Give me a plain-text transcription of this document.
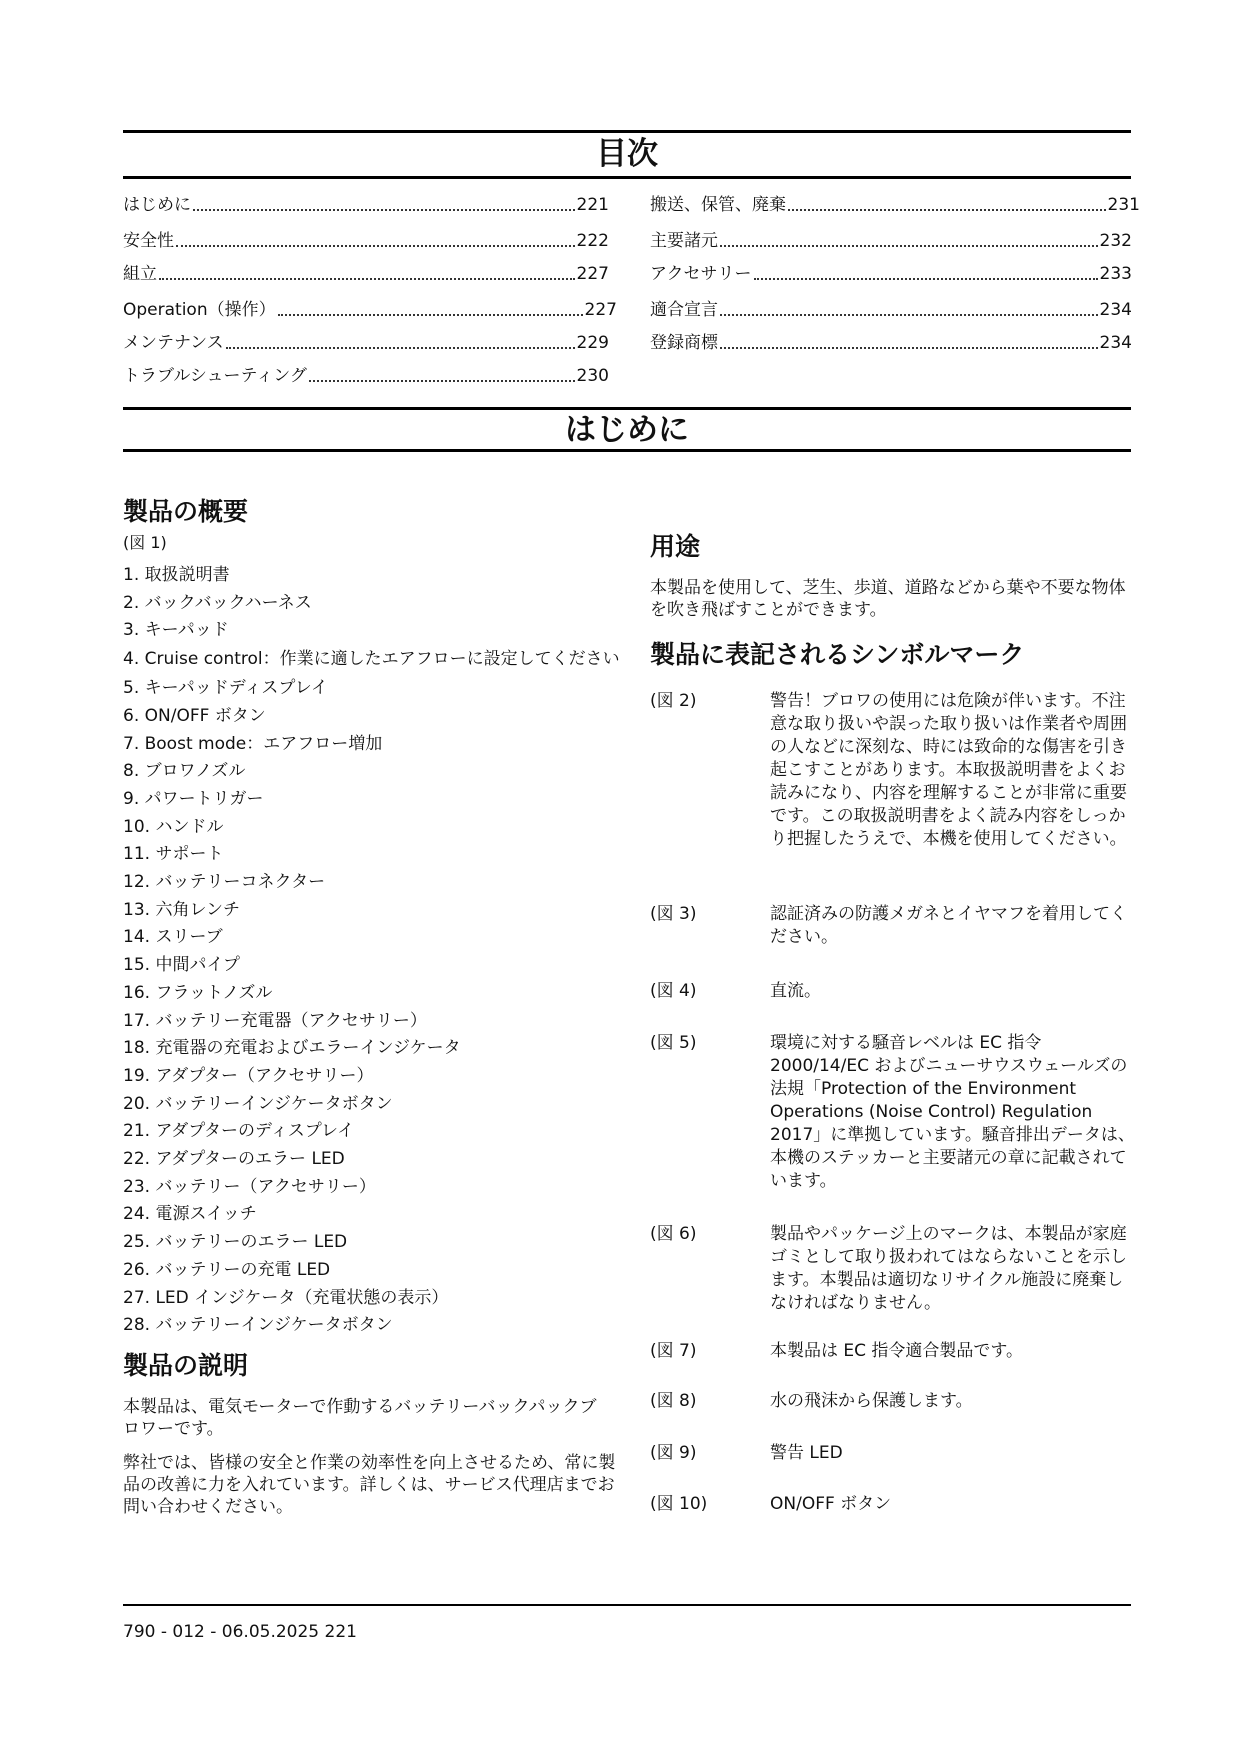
目次
はじめに	221
安全性	222
組立	227
Operation（操作）	227
メンテナンス	229
トラブルシューティング	230
搬送、保管、廃棄	231
主要諸元	232
アクセサリー	233
適合宣言	234
登録商標	234
はじめに
製品の概要
(図 1)
1. 取扱説明書
2. バックバックハーネス
3. キーパッド
4. Cruise control：作業に適したエアフローに設定してください
5. キーパッドディスプレイ
6. ON/OFF ボタン
7. Boost mode：エアフロー増加
8. ブロワノズル
9. パワートリガー
10. ハンドル
11. サポート
12. バッテリーコネクター
13. 六角レンチ
14. スリーブ
15. 中間パイプ
16. フラットノズル
17. バッテリー充電器（アクセサリー）
18. 充電器の充電およびエラーインジケータ
19. アダプター（アクセサリー）
20. バッテリーインジケータボタン
21. アダプターのディスプレイ
22. アダプターのエラー LED
23. バッテリー（アクセサリー）
24. 電源スイッチ
25. バッテリーのエラー LED
26. バッテリーの充電 LED
27. LED インジケータ（充電状態の表示）
28. バッテリーインジケータボタン
製品の説明

本製品は、電気モーターで作動するバッテリーバックパックブロワーです。

弊社では、皆様の安全と作業の効率性を向上させるため、常に製品の改善に力を入れています。詳しくは、サービス代理店までお問い合わせください。

用途

本製品を使用して、芝生、歩道、道路などから葉や不要な物体を吹き飛ばすことができます。

製品に表記されるシンボルマーク
(図 2)	警告！ブロワの使用には危険が伴います。不注意な取り扱いや誤った取り扱いは作業者や周囲の人などに深刻な、時には致命的な傷害を引き起こすことがあります。本取扱説明書をよくお読みになり、内容を理解することが非常に重要です。この取扱説明書をよく読み内容をしっかり把握したうえで、本機を使用してください。
(図 3)	認証済みの防護メガネとイヤマフを着用してください。
(図 4)	直流。
(図 5)	環境に対する騒音レベルは EC 指令 2000/14/EC およびニューサウスウェールズの法規「Protection of the Environment Operations (Noise Control) Regulation 2017」に準拠しています。騒音排出データは、本機のステッカーと主要諸元の章に記載されています。
(図 6)	製品やパッケージ上のマークは、本製品が家庭ゴミとして取り扱われてはならないことを示します。本製品は適切なリサイクル施設に廃棄しなければなりません。
(図 7)	本製品は EC 指令適合製品です。
(図 8)	水の飛沫から保護します。
(図 9)	警告 LED
(図 10)	ON/OFF ボタン
790 - 012 - 06.05.2025 221
